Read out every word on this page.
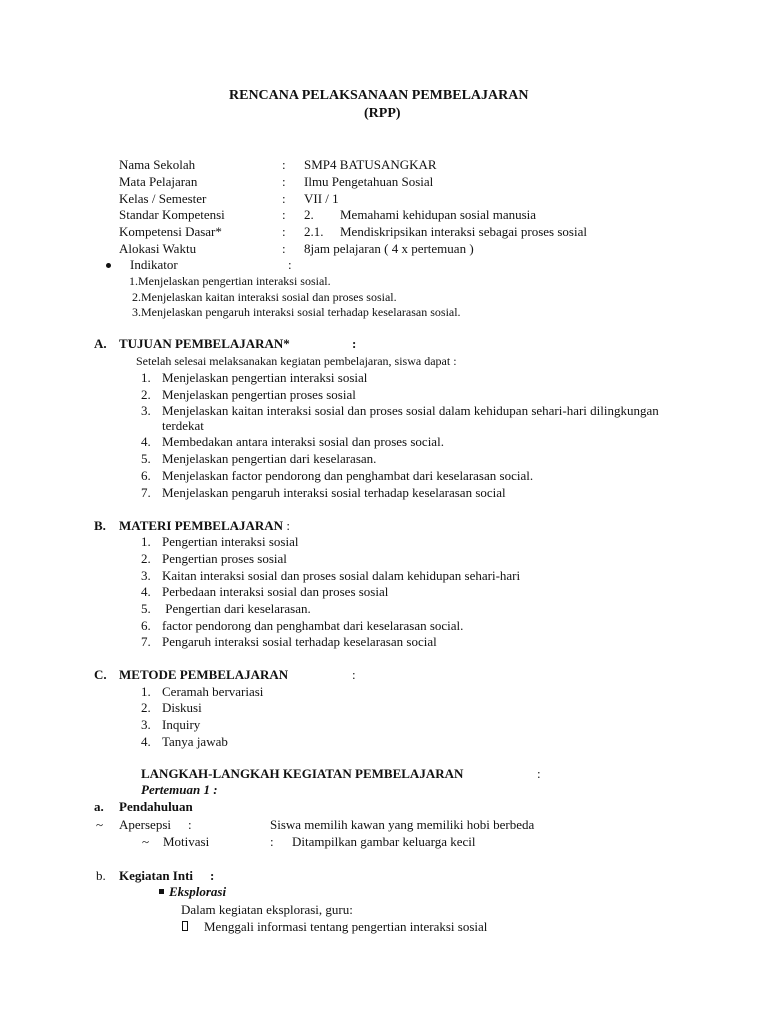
RENCANA PELAKSANAAN PEMBELAJARAN
(RPP)
Nama Sekolah	: SMP4 BATUSANGKAR
Mata Pelajaran	: Ilmu Pengetahuan Sosial
Kelas / Semester	: VII / 1
Standar Kompetensi	: 2. Memahami kehidupan sosial manusia
Kompetensi Dasar*	: 2.1. Mendiskripsikan interaksi sebagai proses sosial
Alokasi Waktu	: 8jam pelajaran ( 4 x pertemuan )
Indikator	:
1.Menjelaskan pengertian interaksi sosial.
2.Menjelaskan kaitan interaksi sosial dan proses sosial.
3.Menjelaskan pengaruh interaksi sosial terhadap keselarasan sosial.
A. TUJUAN PEMBELAJARAN*	:
Setelah selesai melaksanakan kegiatan pembelajaran, siswa dapat :
1. Menjelaskan pengertian interaksi sosial
2. Menjelaskan pengertian proses sosial
3. Menjelaskan kaitan interaksi sosial dan proses sosial dalam kehidupan sehari-hari dilingkungan
terdekat
4. Membedakan antara interaksi sosial dan proses social.
5. Menjelaskan pengertian dari keselarasan.
6. Menjelaskan factor pendorong dan penghambat dari keselarasan social.
7. Menjelaskan pengaruh interaksi sosial terhadap keselarasan social
B. MATERI PEMBELAJARAN :
1. Pengertian interaksi sosial
2. Pengertian proses sosial
3. Kaitan interaksi sosial dan proses sosial dalam kehidupan sehari-hari
4. Perbedaan interaksi sosial dan proses sosial
5. Pengertian dari keselarasan.
6. factor pendorong dan penghambat dari keselarasan social.
7. Pengaruh interaksi sosial terhadap keselarasan social
C. METODE PEMBELAJARAN	:
1. Ceramah bervariasi
2. Diskusi
3. Inquiry
4. Tanya jawab
LANGKAH-LANGKAH KEGIATAN PEMBELAJARAN	:
Pertemuan 1 :
a. Pendahuluan
~ Apersepsi :	Siswa memilih kawan yang memiliki hobi berbeda
~ Motivasi	: Ditampilkan gambar keluarga kecil
b. Kegiatan Inti :
Eksplorasi
Dalam kegiatan eksplorasi, guru:
Menggali informasi tentang pengertian interaksi sosial
